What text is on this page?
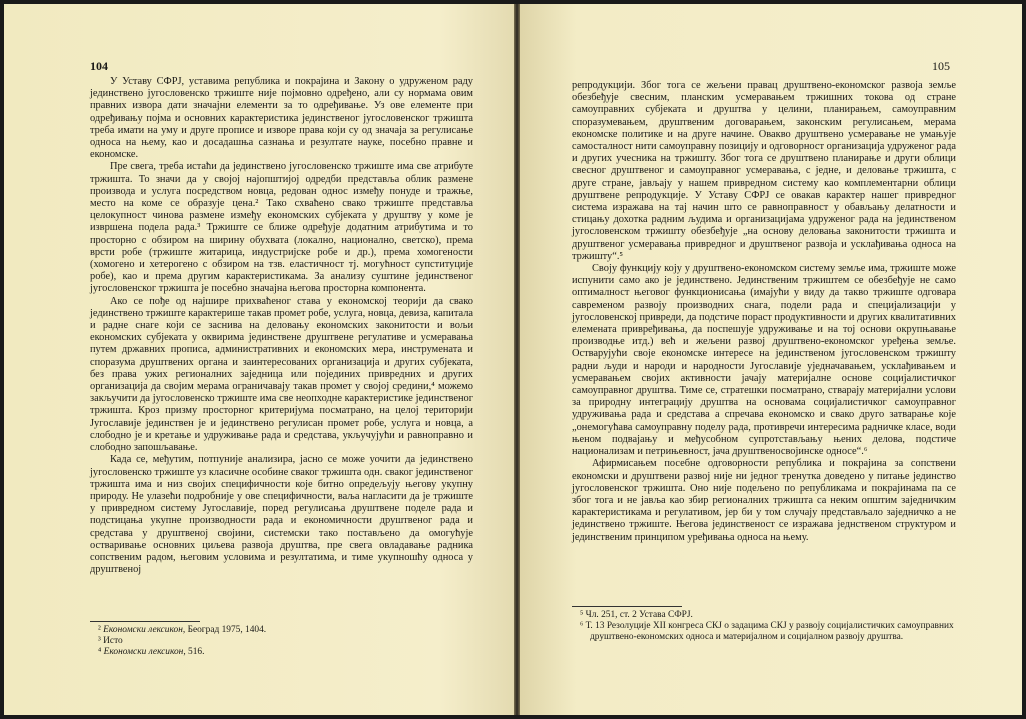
104

У Уставу СФРЈ, уставима република и покрајина и Закону о удруженом раду јединствено југословенско тржиште није појмовно одређено, али су нормама овим правних извора дати значајни елементи за то одређивање. Уз ове елементе при одређивању појма и основних карактеристика јединственог југословенског тржишта треба имати на уму и друге прописе и изворе права који су од значаја за регулисање односа на њему, као и досадашња сазнања и резултате науке, посебно правне и економске.

Пре свега, треба истаћи да јединствено југословенско тржиште има све атрибуте тржишта. То значи да у својој најопштијој одредби представља облик размене производа и услуга посредством новца, редован однос између понуде и тражње, место на коме се образује цена.² Тако схваћено свако тржиште представља целокупност чинова размене између економских субјеката у друштву у коме је извршена подела рада.³ Тржиште се ближе одређује додатним атрибутима и то просторно с обзиром на ширину обухвата (локално, национално, светско), према врсти робе (тржиште житарица, индустријске робе и др.), према хомогености (хомогено и хетерогено с обзиром на тзв. еластичност тј. могућност супституције робе), као и према другим карактеристикама. За анализу суштине јединственог југословенског тржишта је посебно значајна његова просторна компонента.

Ако се пође од најшире прихваћеног става у економској теорији да свако јединствено тржиште карактерише такав промет робе, услуга, новца, девиза, капитала и радне снаге који се заснива на деловању економских законитости и вољи економских субјеката у оквирима јединствене друштвене регулативе и усмеравања путем државних прописа, административних и економских мера, инструмената и споразума друштвених органа и заинтересованих организација и других субјеката, без права ужих регионалних заједница или појединих привредних и других организација да својим мерама ограничавају такав промет у својој средини,⁴ можемо закључити да југословенско тржиште има све неопходне карактеристике јединственог тржишта. Кроз призму просторног критеријума посматрано, на целој територији Југославије јединствен је и јединствено регулисан промет робе, услуга и новца, а слободно је и кретање и удруживање рада и средстава, укључујући и равноправно и слободно запошљавање.

Када се, међутим, потпуније анализира, јасно се може уочити да јединствено југословенско тржиште уз класичне особине сваког тржишта одн. сваког јединственог тржишта има и низ својих специфичности које битно опредељују његову укупну природу. Не улазећи подробније у ове специфичности, ваља нагласити да је тржиште у привредном систему Југославије, поред регулисања друштвене поделе рада и подстицања укупне производности рада и економичности друштвеног рада и средстава у друштвеној својини, системски тако постављено да омогућује остваривање основних циљева развоја друштва, пре свега овладавање радника сопственим радом, његовим условима и резултатима, и тиме укупношћу односа у друштвеној

² Економски лексикон, Београд 1975, 1404.
³ Исто
⁴ Економски лексикон, 516.
105

репродукцији. Због тога се жељени правац друштвено-економског развоја земље обезбеђује свесним, планским усмеравањем тржишних токова од стране самоуправних субјеката и друштва у целини, планирањем, самоуправним споразумевањем, друштвеним договарањем, законским регулисањем, мерама економске политике и на друге начине. Овакво друштвено усмеравање не умањује самосталност нити самоуправну позицију и одговорност организација удруженог рада и других учесника на тржишту. Због тога се друштвено планирање и други облици свесног друштвеног и самоуправног усмеравања, с једне, и деловање тржишта, с друге стране, јављају у нашем привредном систему као комплементарни облици друштвене репродукције. У Уставу СФРЈ се овакав карактер нашег привредног система изражава на тај начин што се равноправност у обављању делатности и стицању дохотка радним људима и организацијама удруженог рада на јединственом југословенском тржишту обезбеђује „на основу деловања законитости тржишта и друштвеног усмеравања привредног и друштвеног развоја и усклађивања односа на тржишту“.⁵

Своју функцију коју у друштвено-економском систему земље има, тржиште може испунити само ако је јединствено. Јединственим тржиштем се обезбеђује не само оптималност његовог функционисања (имајући у виду да такво тржиште одговара савременом развоју производних снага, подели рада и специјализацији у југословенској привреди, да подстиче пораст продуктивности и других квалитативних елемената привређивања, да поспешује удруживање и на тој основи окрупњавање производње итд.) већ и жељени развој друштвено-економског уређења земље. Остварујући своје економске интересе на јединственом југословенском тржишту радни људи и народи и народности Југославије уједначавањем, усклађивањем и усмеравањем својих активности јачају материјалне основе социјалистичког самоуправног друштва. Тиме се, стратешки посматрано, стварају материјални услови за природну интеграцију друштва на основама социјалистичког самоуправног удруживања рада и средстава а спречава економско и свако друго затварање које „онемогућава самоуправну поделу рада, противречи интересима радничке класе, води њеном подвајању и међусобном супротстављању њених делова, подстиче национализам и петрињевност, јача друштвеносвојинске односе“.⁶

Афирмисањем посебне одговорности република и покрајина за сопствени економски и друштвени развој није ни једног тренутка доведено у питање јединство југословенског тржишта. Оно није подељено по републикама и покрајинама па се због тога и не јавља као збир регионалних тржишта са неким општим заједничким карактеристикама и регулативом, јер би у том случају представљало заједничко а не јединствено тржиште. Његова јединственост се изражава једнственом структуром и јединственим принципом уређивања односа на њему.

⁵ Чл. 251, ст. 2 Устава СФРЈ.
⁶ Т. 13 Резолуције XII конгреса СКЈ о задацима СКЈ у развоју социјалистичких самоуправних друштвено-економских односа и материјалном и социјалном развоју друштва.
